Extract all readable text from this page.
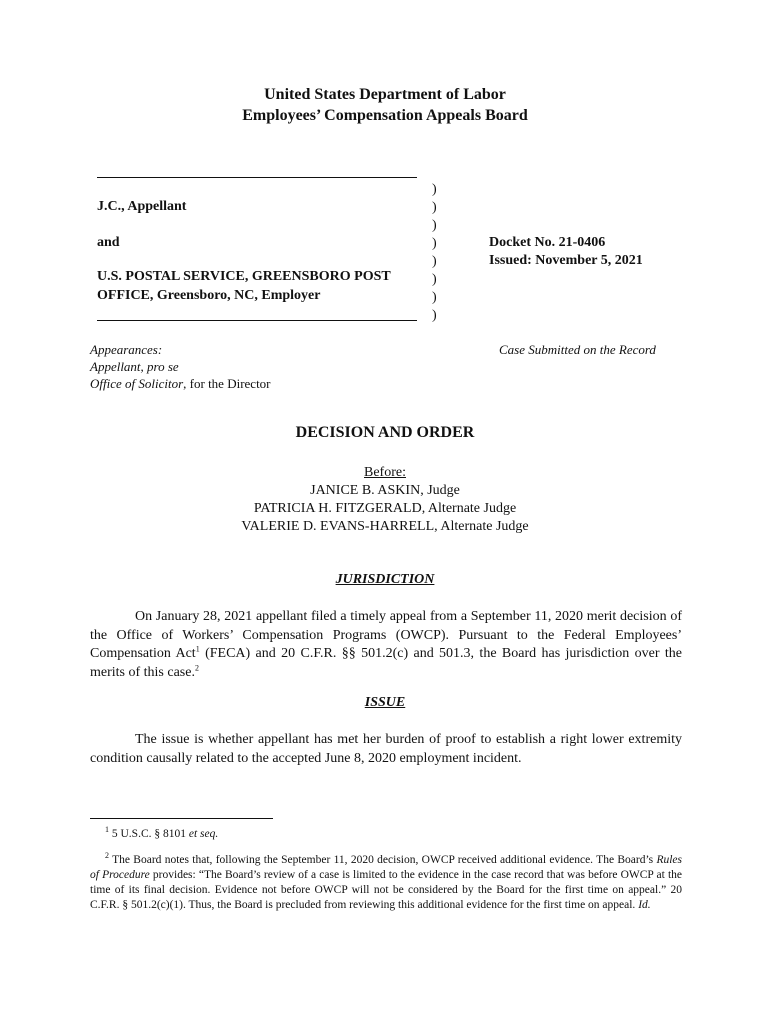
United States Department of Labor
Employees’ Compensation Appeals Board
J.C., Appellant
and
U.S. POSTAL SERVICE, GREENSBORO POST
OFFICE, Greensboro, NC, Employer
)
)
)
)
)
)
)
)
Docket No. 21-0406
Issued: November 5, 2021
Appearances:
Appellant, pro se
Office of Solicitor, for the Director
Case Submitted on the Record
DECISION AND ORDER
Before:
JANICE B. ASKIN, Judge
PATRICIA H. FITZGERALD, Alternate Judge
VALERIE D. EVANS-HARRELL, Alternate Judge
JURISDICTION
On January 28, 2021 appellant filed a timely appeal from a September 11, 2020 merit decision of the Office of Workers’ Compensation Programs (OWCP). Pursuant to the Federal Employees’ Compensation Act$^1$ (FECA) and 20 C.F.R. §§ 501.2(c) and 501.3, the Board has jurisdiction over the merits of this case.$^2$
ISSUE
The issue is whether appellant has met her burden of proof to establish a right lower extremity condition causally related to the accepted June 8, 2020 employment incident.
$^1$ 5 U.S.C. § 8101 et seq.
$^2$ The Board notes that, following the September 11, 2020 decision, OWCP received additional evidence. The Board’s Rules of Procedure provides: “The Board’s review of a case is limited to the evidence in the case record that was before OWCP at the time of its final decision. Evidence not before OWCP will not be considered by the Board for the first time on appeal.” 20 C.F.R. § 501.2(c)(1). Thus, the Board is precluded from reviewing this additional evidence for the first time on appeal. Id.
